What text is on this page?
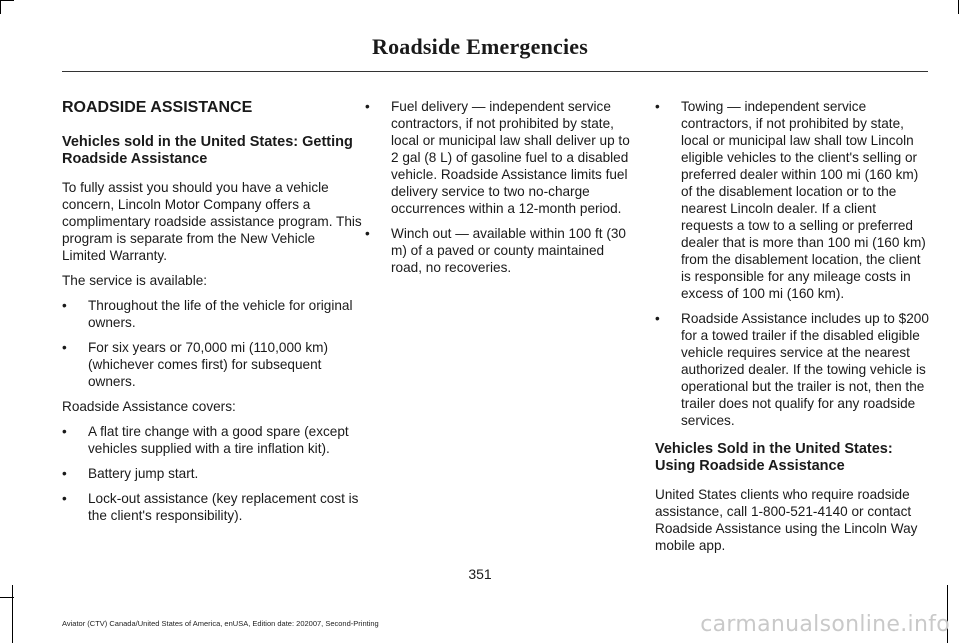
Roadside Emergencies
ROADSIDE ASSISTANCE
Vehicles sold in the United States: Getting Roadside Assistance
To fully assist you should you have a vehicle concern, Lincoln Motor Company offers a complimentary roadside assistance program. This program is separate from the New Vehicle Limited Warranty.
The service is available:
• Throughout the life of the vehicle for original owners.
• For six years or 70,000 mi (110,000 km) (whichever comes first) for subsequent owners.
Roadside Assistance covers:
• A flat tire change with a good spare (except vehicles supplied with a tire inflation kit).
• Battery jump start.
• Lock-out assistance (key replacement cost is the client's responsibility).
• Fuel delivery — independent service contractors, if not prohibited by state, local or municipal law shall deliver up to 2 gal (8 L) of gasoline fuel to a disabled vehicle. Roadside Assistance limits fuel delivery service to two no-charge occurrences within a 12-month period.
• Winch out — available within 100 ft (30 m) of a paved or county maintained road, no recoveries.
• Towing — independent service contractors, if not prohibited by state, local or municipal law shall tow Lincoln eligible vehicles to the client's selling or preferred dealer within 100 mi (160 km) of the disablement location or to the nearest Lincoln dealer. If a client requests a tow to a selling or preferred dealer that is more than 100 mi (160 km) from the disablement location, the client is responsible for any mileage costs in excess of 100 mi (160 km).
• Roadside Assistance includes up to $200 for a towed trailer if the disabled eligible vehicle requires service at the nearest authorized dealer. If the towing vehicle is operational but the trailer is not, then the trailer does not qualify for any roadside services.
Vehicles Sold in the United States: Using Roadside Assistance
United States clients who require roadside assistance, call 1-800-521-4140 or contact Roadside Assistance using the Lincoln Way mobile app.
351
Aviator (CTV) Canada/United States of America, enUSA, Edition date: 202007, Second-Printing	carmanualsonline.info
